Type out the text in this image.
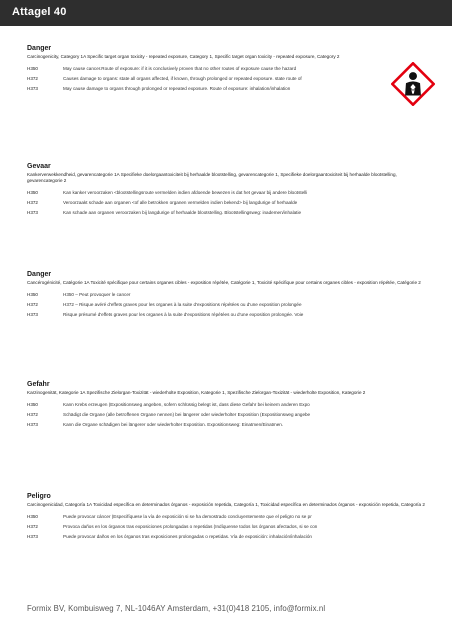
Attagel 40
Danger
Carcinogenicity, Category 1A Specific target organ toxicity - repeated exposure, Category 1, Specific target organ toxicity - repeated exposure, Category 2
H350	May cause cancer.Route of exposure: if it is conclusively proven that no other routes of exposure cause the hazard
H372	Causes damage to organs: state all organs affected, if known, through prolonged or repeated exposure. state route of
H373	May cause damage to organs through prolonged or repeated exposure. Route of exposure: inhalation/inhalation
Gevaar
Kankerverwekkendheid, gevarencategorie 1A Specifieke doelorgaantoxiciteit bij herhaalde blootstelling, gevarencategorie 1, Specifieke doelorgaantoxiciteit bij herhaalde blootstelling, gevarencategorie 2
H350	Kan kanker veroorzaken <blootstellingsroute vermelden indien afdoende bewezen is dat het gevaar bij andere blootstelli
H372	Veroorzaakt schade aan organen <of alle betrokken organen vermelden indien bekend> bij langdurige of herhaalde
H373	Kan schade aan organen veroorzaken bij langdurige of herhaalde blootstelling. Blootstellingsweg: inademen/inhalatie
Danger
Cancérogénicité, Catégorie 1A Toxicité spécifique pour certains organes cibles - exposition répétée, Catégorie 1, Toxicité spécifique pour certains organes cibles - exposition répétée, Catégorie 2
H350	H350 – Peut provoquer le cancer
H372	H372 – Risque avéré d'effets graves pour les organes à la suite d'expositions répétées ou d'une exposition prolongée
H373	Risque présumé d'effets graves pour les organes à la suite d'expositions répétées ou d'une exposition prolongée. Voie
Gefahr
Karzinogenität, Kategorie 1A Spezifische Zielorgan-Toxizität - wiederholte Exposition, Kategorie 1, Spezifische Zielorgan-Toxizität - wiederholte Exposition, Kategorie 2
H350	Kann Krebs erzeugen (Expositionsweg angeben, sofern schlüssig belegt ist, dass diese Gefahr bei keinem anderen Expo
H372	Schädigt die Organe (alle betroffenen Organe nennen) bei längerer oder wiederholter Exposition (Expositionsweg angebe
H373	Kann die Organe schädigen bei längerer oder wiederholter Exposition. Expositionsweg: Einatmen/Einatmen.
Peligro
Carcinogenicidad, Categoría 1A Toxicidad específica en determinados órganos - exposición repetida, Categoría 1, Toxicidad específica en determinados órganos - exposición repetida, Categoría 2
H350	Puede provocar cáncer (Especifíquese la vía de exposición si se ha demostrado concluyentemente que el peligro no se pr
H372	Provoca daños en los órganos tras exposiciones prolongadas o repetidas (Indíquense todos los órganos afectados, si se con
H373	Puede provocar daños en los órganos tras exposiciones prolongadas o repetidas. Vía de exposición: inhalación/inhalación
Formix BV, Kombuisweg 7, NL-1046AY Amsterdam, +31(0)418 2105, info@formix.nl
